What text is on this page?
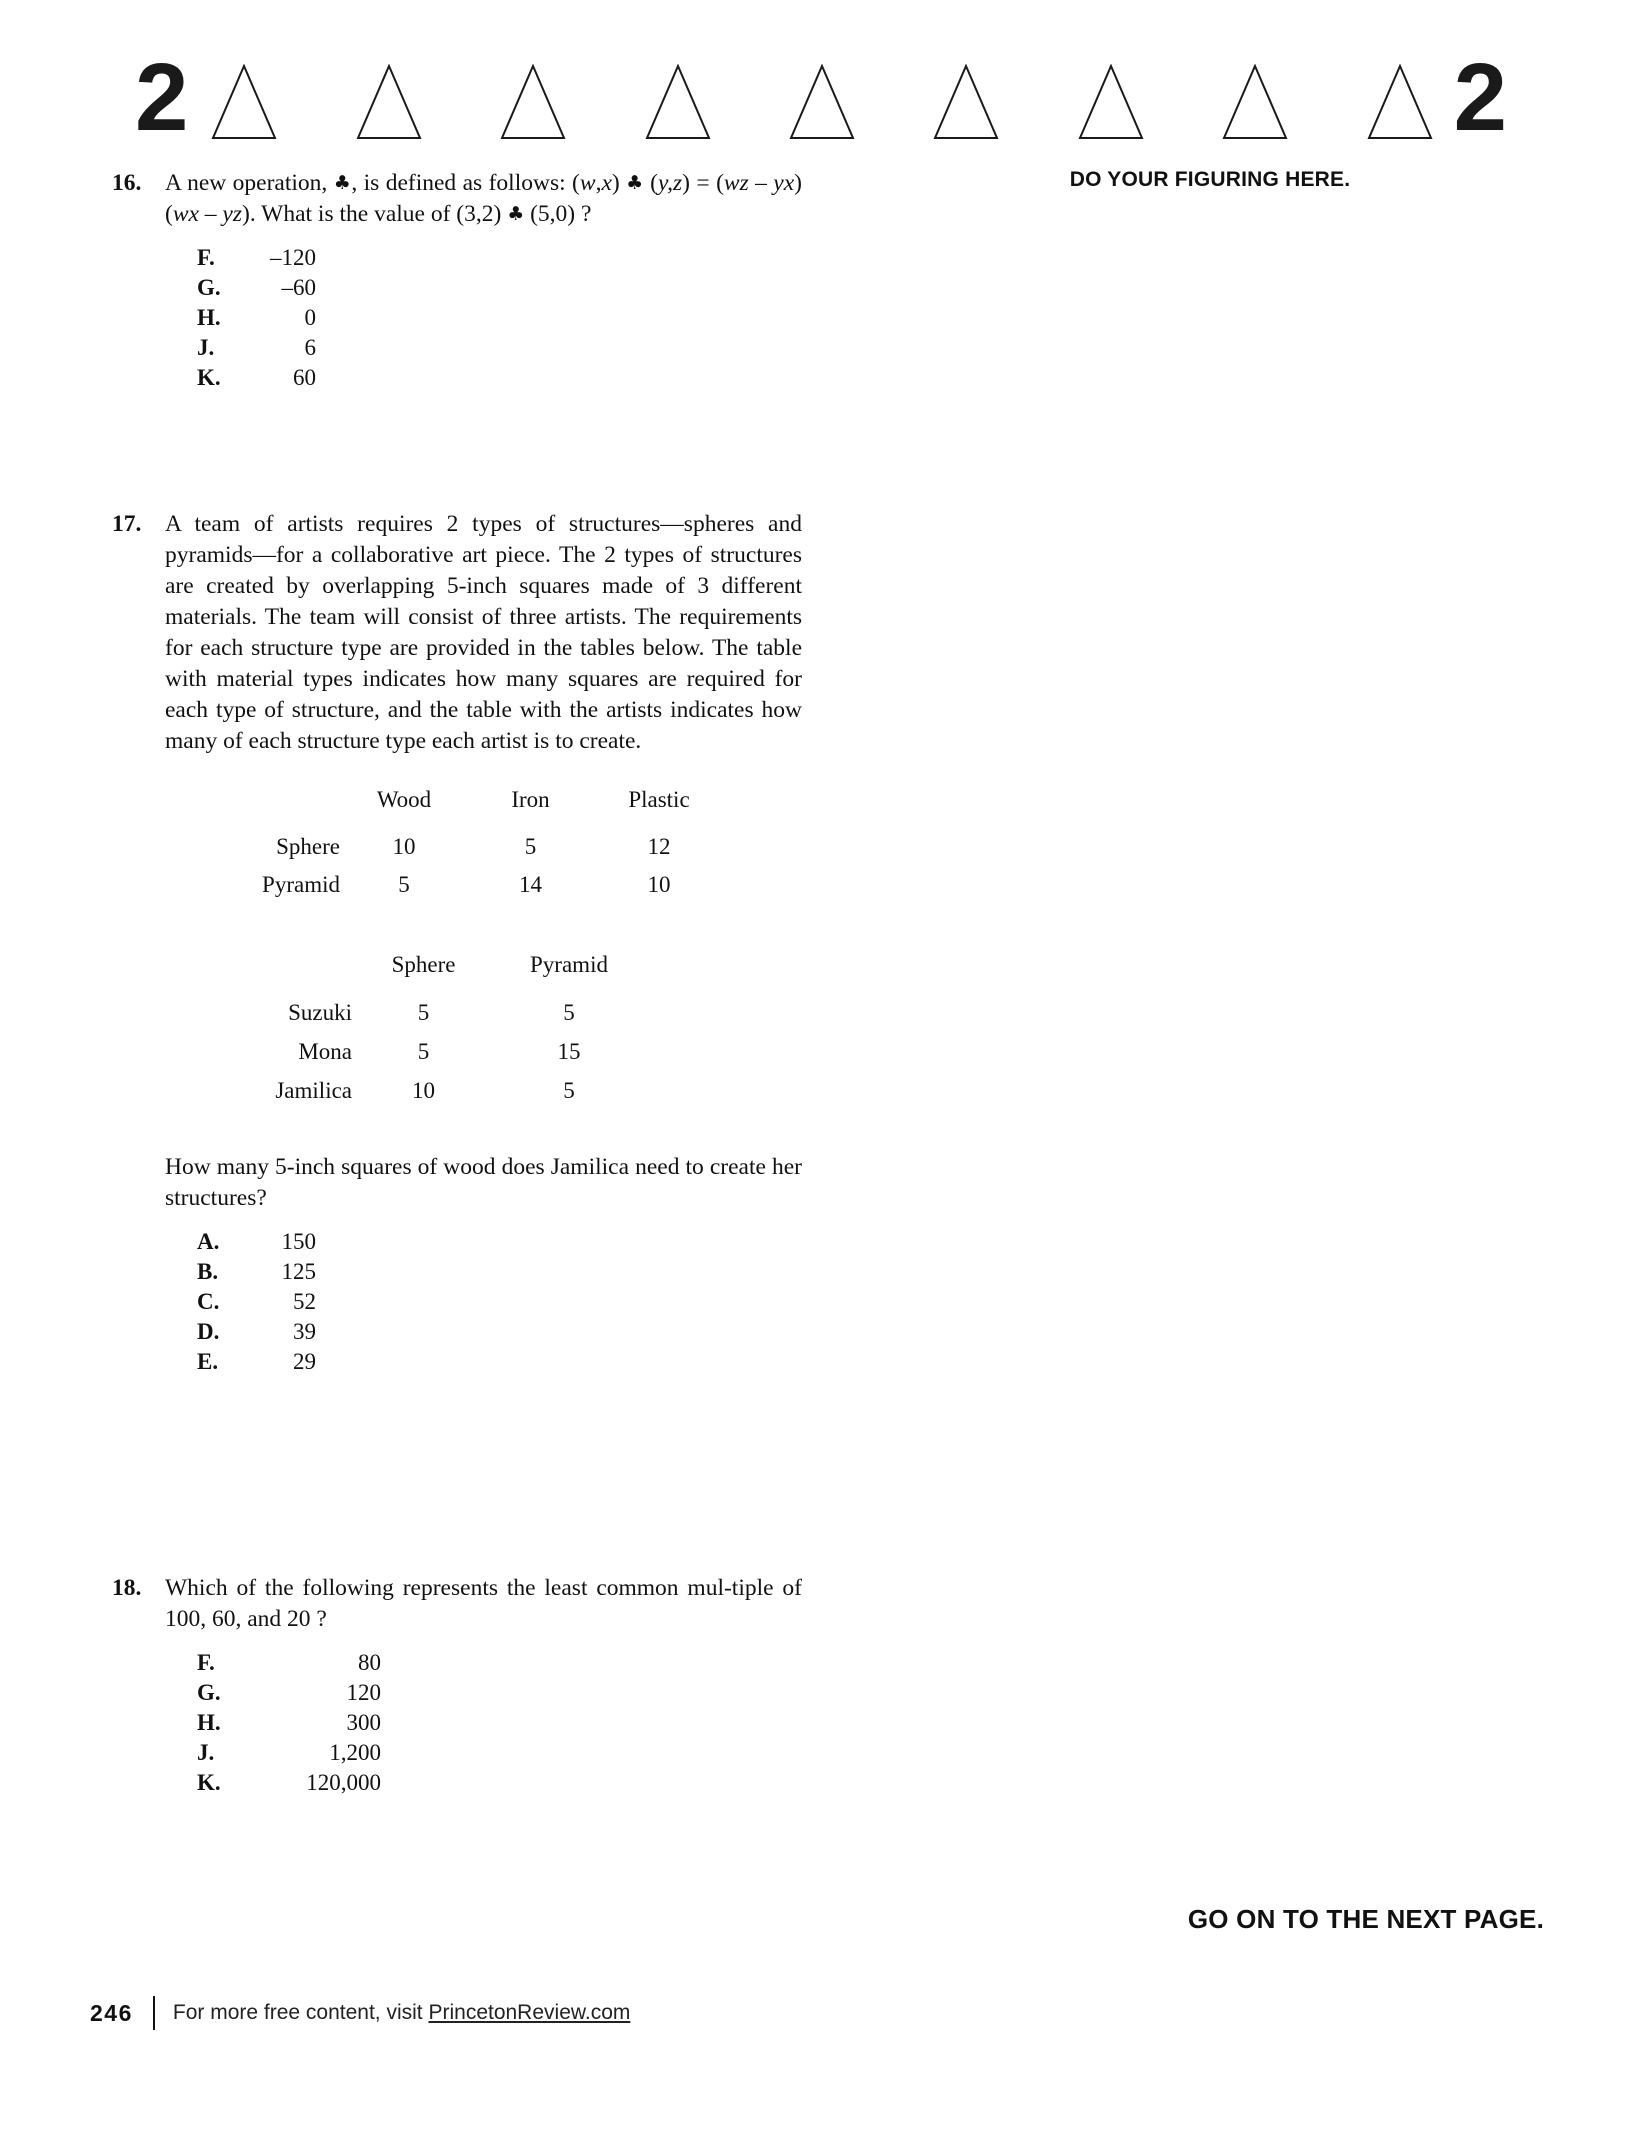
2	2
16. A new operation, ♣, is defined as follows: (w,x) ♣ (y,z) = (wz – yx)(wx – yz). What is the value of (3,2) ♣ (5,0) ?
F.	–120
G.	–60
H.	0
J.	6
K.	60
17. A team of artists requires 2 types of structures—spheres and pyramids—for a collaborative art piece. The 2 types of structures are created by overlapping 5-inch squares made of 3 different materials. The team will consist of three artists. The requirements for each structure type are provided in the tables below. The table with material types indicates how many squares are required for each type of structure, and the table with the artists indicates how many of each structure type each artist is to create.
	Wood	Iron	Plastic
Sphere	10	5	12
Pyramid	5	14	10
	Sphere	Pyramid
Suzuki	5	5
Mona	5	15
Jamilica	10	5
How many 5-inch squares of wood does Jamilica need to create her structures?
A.	150
B.	125
C.	52
D.	39
E.	29
18. Which of the following represents the least common mul-tiple of 100, 60, and 20 ?
F.	80
G.	120
H.	300
J.	1,200
K.	120,000
DO YOUR FIGURING HERE.
GO ON TO THE NEXT PAGE.
246 For more free content, visit PrincetonReview.com
